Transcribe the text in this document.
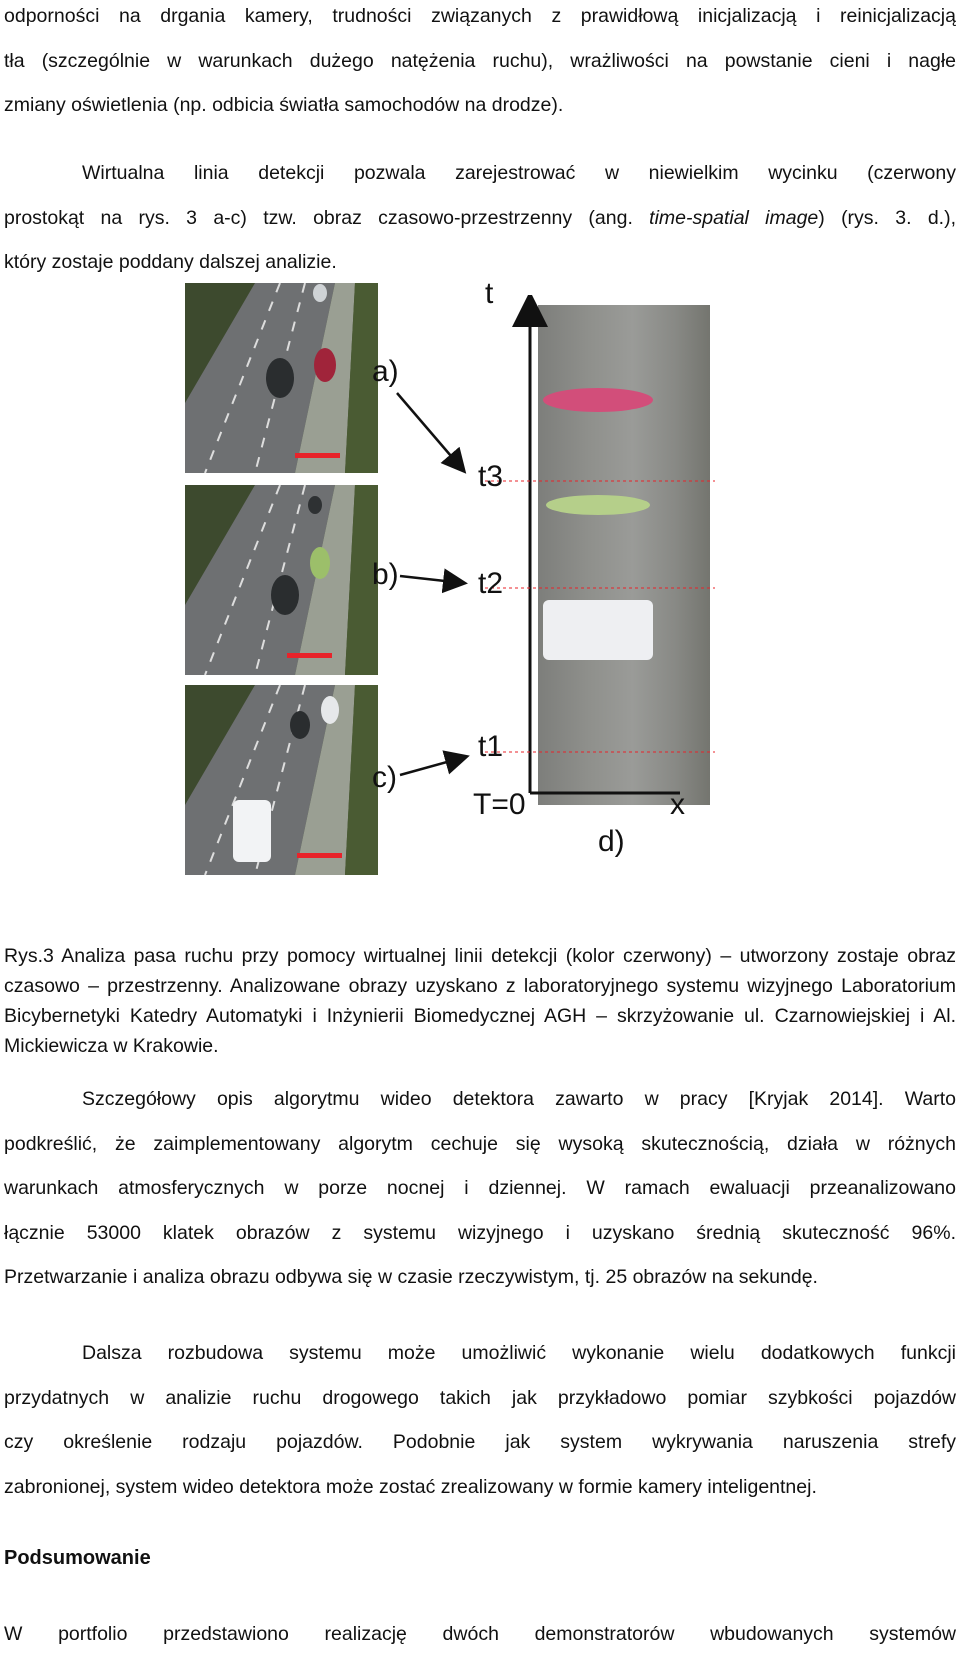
odporności na drgania kamery, trudności związanych z prawidłową inicjalizacją i reinicjalizacją
tła (szczególnie w warunkach dużego natężenia ruchu), wrażliwości na powstanie cieni i nagłe
zmiany oświetlenia (np. odbicia światła samochodów na drodze).
Wirtualna linia detekcji pozwala zarejestrować w niewielkim wycinku (czerwony
prostokąt na rys. 3 a-c) tzw. obraz czasowo-przestrzenny (ang. time-spatial image) (rys. 3. d.),
który zostaje poddany dalszej analizie.
a)
b)
c)
t
t3
t2
t1
T=0	x
d)
Rys.3 Analiza pasa ruchu przy pomocy wirtualnej linii detekcji (kolor czerwony) – utworzony zostaje obraz czasowo – przestrzenny. Analizowane obrazy uzyskano z laboratoryjnego systemu wizyjnego Laboratorium Bicybernetyki Katedry Automatyki i Inżynierii Biomedycznej AGH – skrzyżowanie ul. Czarnowiejskiej i Al. Mickiewicza w Krakowie.
Szczegółowy opis algorytmu wideo detektora zawarto w pracy [Kryjak 2014]. Warto
podkreślić, że zaimplementowany algorytm cechuje się wysoką skutecznością, działa w różnych
warunkach atmosferycznych w porze nocnej i dziennej. W ramach ewaluacji przeanalizowano
łącznie 53000 klatek obrazów z systemu wizyjnego i uzyskano średnią skuteczność 96%.
Przetwarzanie i analiza obrazu odbywa się w czasie rzeczywistym, tj. 25 obrazów na sekundę.
Dalsza rozbudowa systemu może umożliwić wykonanie wielu dodatkowych funkcji
przydatnych w analizie ruchu drogowego takich jak przykładowo pomiar szybkości pojazdów
czy określenie rodzaju pojazdów. Podobnie jak system wykrywania naruszenia strefy
zabronionej, system wideo detektora może zostać zrealizowany w formie kamery inteligentnej.
Podsumowanie
W portfolio przedstawiono realizację dwóch demonstratorów wbudowanych systemów
